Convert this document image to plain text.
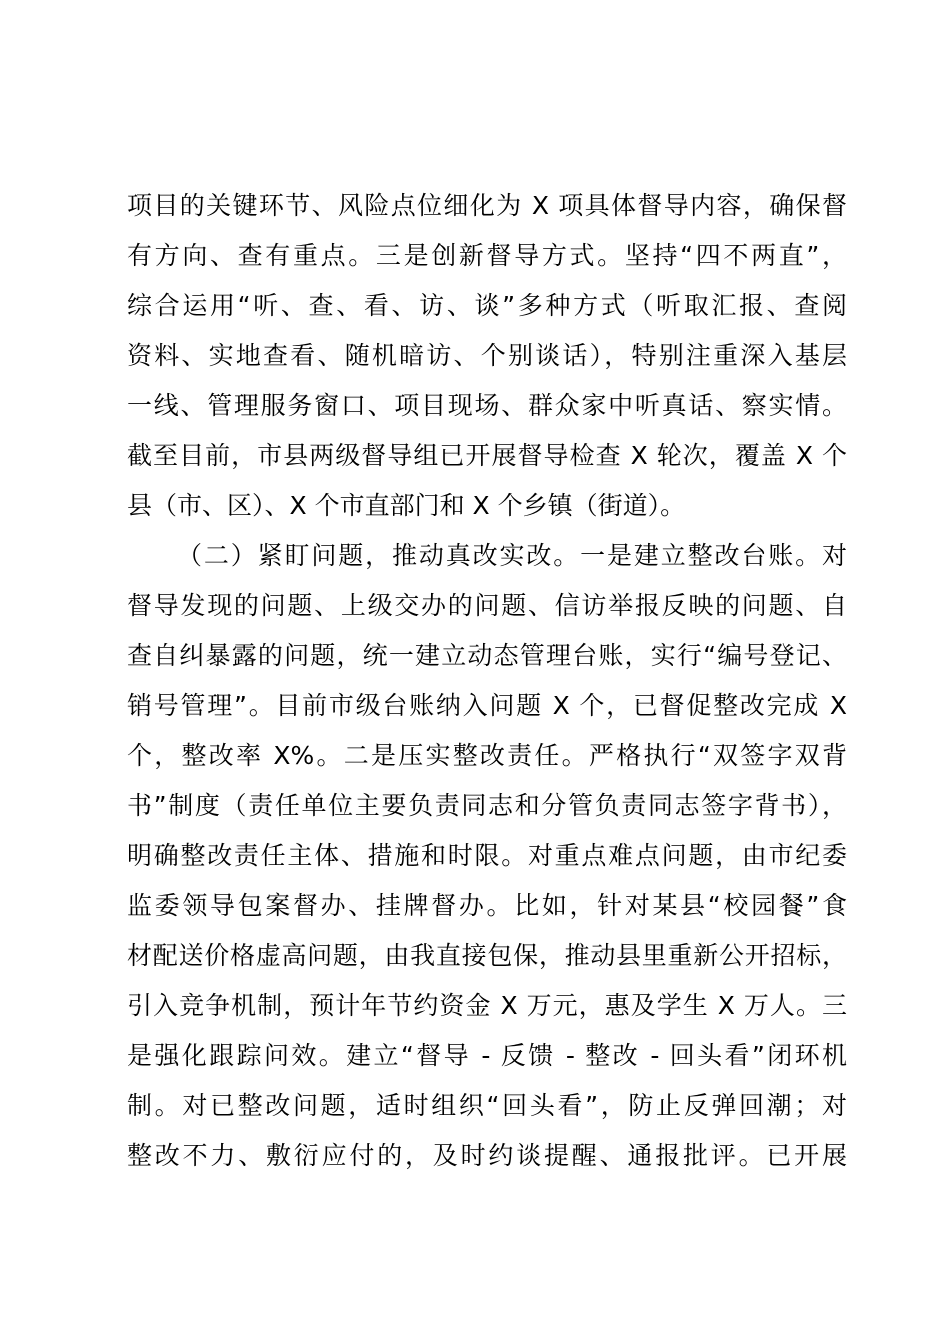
项目的关键环节、风险点位细化为 X 项具体督导内容，确保督
有方向、查有重点。三是创新督导方式。坚持“四不两直”，
综合运用“听、查、看、访、谈”多种方式（听取汇报、查阅
资料、实地查看、随机暗访、个别谈话），特别注重深入基层
一线、管理服务窗口、项目现场、群众家中听真话、察实情。
截至目前，市县两级督导组已开展督导检查 X 轮次，覆盖 X 个
县（市、区）、X 个市直部门和 X 个乡镇（街道）。
（二）紧盯问题，推动真改实改。一是建立整改台账。对
督导发现的问题、上级交办的问题、信访举报反映的问题、自
查自纠暴露的问题，统一建立动态管理台账，实行“编号登记、
销号管理”。目前市级台账纳入问题 X 个，已督促整改完成 X
个，整改率 X%。二是压实整改责任。严格执行“双签字双背
书”制度（责任单位主要负责同志和分管负责同志签字背书），
明确整改责任主体、措施和时限。对重点难点问题，由市纪委
监委领导包案督办、挂牌督办。比如，针对某县“校园餐”食
材配送价格虚高问题，由我直接包保，推动县里重新公开招标，
引入竞争机制，预计年节约资金 X 万元，惠及学生 X 万人。三
是强化跟踪问效。建立“督导 - 反馈 - 整改 - 回头看”闭环机
制。对已整改问题，适时组织“回头看”，防止反弹回潮；对
整改不力、敷衍应付的，及时约谈提醒、通报批评。已开展
